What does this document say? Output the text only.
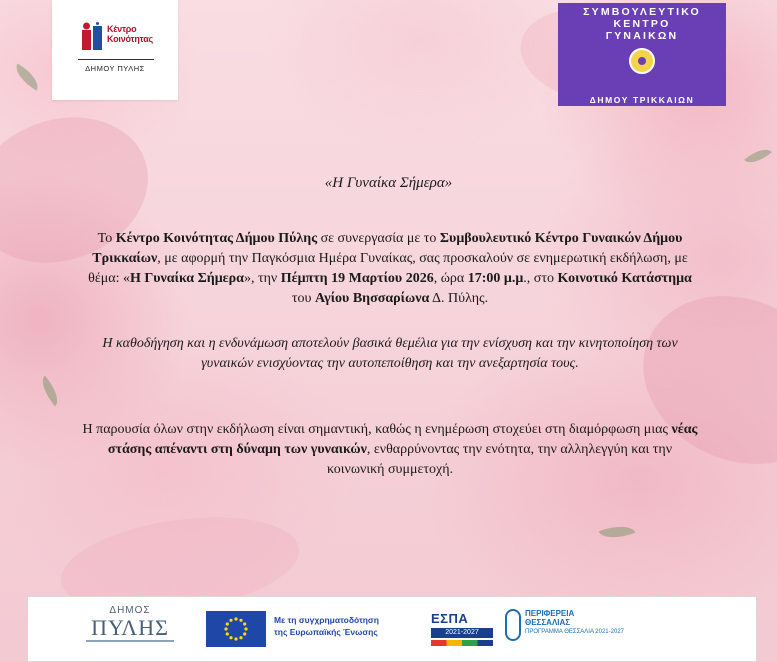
Κέντρο
Κοινότητας
ΔΗΜΟΥ ΠΥΛΗΣ
ΣΥΜΒΟΥΛΕΥΤΙΚΟ
ΚΕΝΤΡΟ
ΓΥΝΑΙΚΩΝ
ΔΗΜΟΥ ΤΡΙΚΚΑΙΩΝ
«Η Γυναίκα Σήμερα»

Το Κέντρο Κοινότητας Δήμου Πύλης σε συνεργασία με το Συμβουλευτικό Κέντρο Γυναικών Δήμου Τρικκαίων, με αφορμή την Παγκόσμια Ημέρα Γυναίκας, σας προσκαλούν σε ενημερωτική εκδήλωση, με θέμα: «Η Γυναίκα Σήμερα», την Πέμπτη 19 Μαρτίου 2026, ώρα 17:00 μ.μ., στο Κοινοτικό Κατάστημα του Αγίου Βησσαρίωνα Δ. Πύλης.

Η καθοδήγηση και η ενδυνάμωση αποτελούν βασικά θεμέλια για την ενίσχυση και την κινητοποίηση των γυναικών ενισχύοντας την αυτοπεποίθηση και την ανεξαρτησία τους.

Η παρουσία όλων στην εκδήλωση είναι σημαντική, καθώς η ενημέρωση στοχεύει στη διαμόρφωση μιας νέας στάσης απέναντι στη δύναμη των γυναικών, ενθαρρύνοντας την ενότητα, την αλληλεγγύη και την κοινωνική συμμετοχή.

ΔΗΜΟΣ
ΠΥΛΗΣ	Με τη συγχρηματοδότηση
της Ευρωπαϊκής Ένωσης
ΕΣΠΑ
2021-2027
ΠΕΡΙΦΕΡΕΙΑ
ΘΕΣΣΑΛΙΑΣ
ΠΡΟΓΡΑΜΜΑ ΘΕΣΣΑΛΙΑ 2021-2027
